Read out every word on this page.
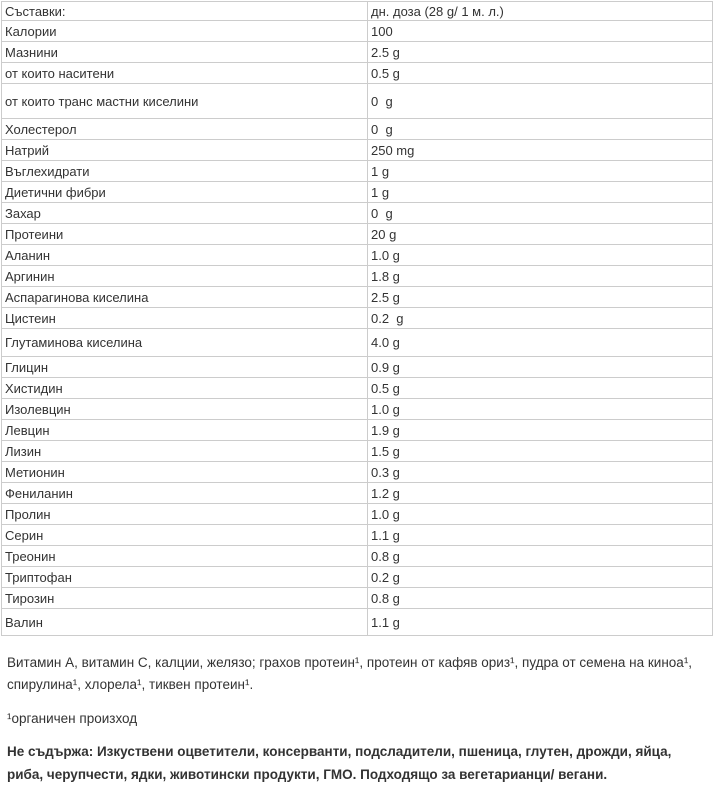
Съставки:	дн. доза (28 g/ 1 м. л.)
Калории	100
Мазнини	2.5 g
от които наситени	0.5 g
от които транс мастни киселини	0  g
Холестерол	0  g
Натрий	250 mg
Въглехидрати	1 g
Диетични фибри	1 g
Захар	0  g
Протеини	20 g
Аланин	1.0 g
Аргинин	1.8 g
Аспарагинова киселина	2.5 g
Цистеин	0.2  g
Глутаминова киселина	4.0 g
Глицин	0.9 g
Хистидин	0.5 g
Изолевцин	1.0 g
Левцин	1.9 g
Лизин	1.5 g
Метионин	0.3 g
Фениланин	1.2 g
Пролин	1.0 g
Серин	1.1 g
Треонин	0.8 g
Триптофан	0.2 g
Тирозин	0.8 g
Валин	1.1 g

Витамин А, витамин С, калции, желязо; грахов протеин¹, протеин от кафяв ориз¹, пудра от семена на киноа¹, спирулина¹, хлорела¹, тиквен протеин¹.

¹органичен произход

Не съдържа: Изкуствени оцветители, консерванти, подсладители, пшеница, глутен, дрожди, яйца, риба, черупчести, ядки, животински продукти, ГМО. Подходящо за вегетарианци/ вегани.
